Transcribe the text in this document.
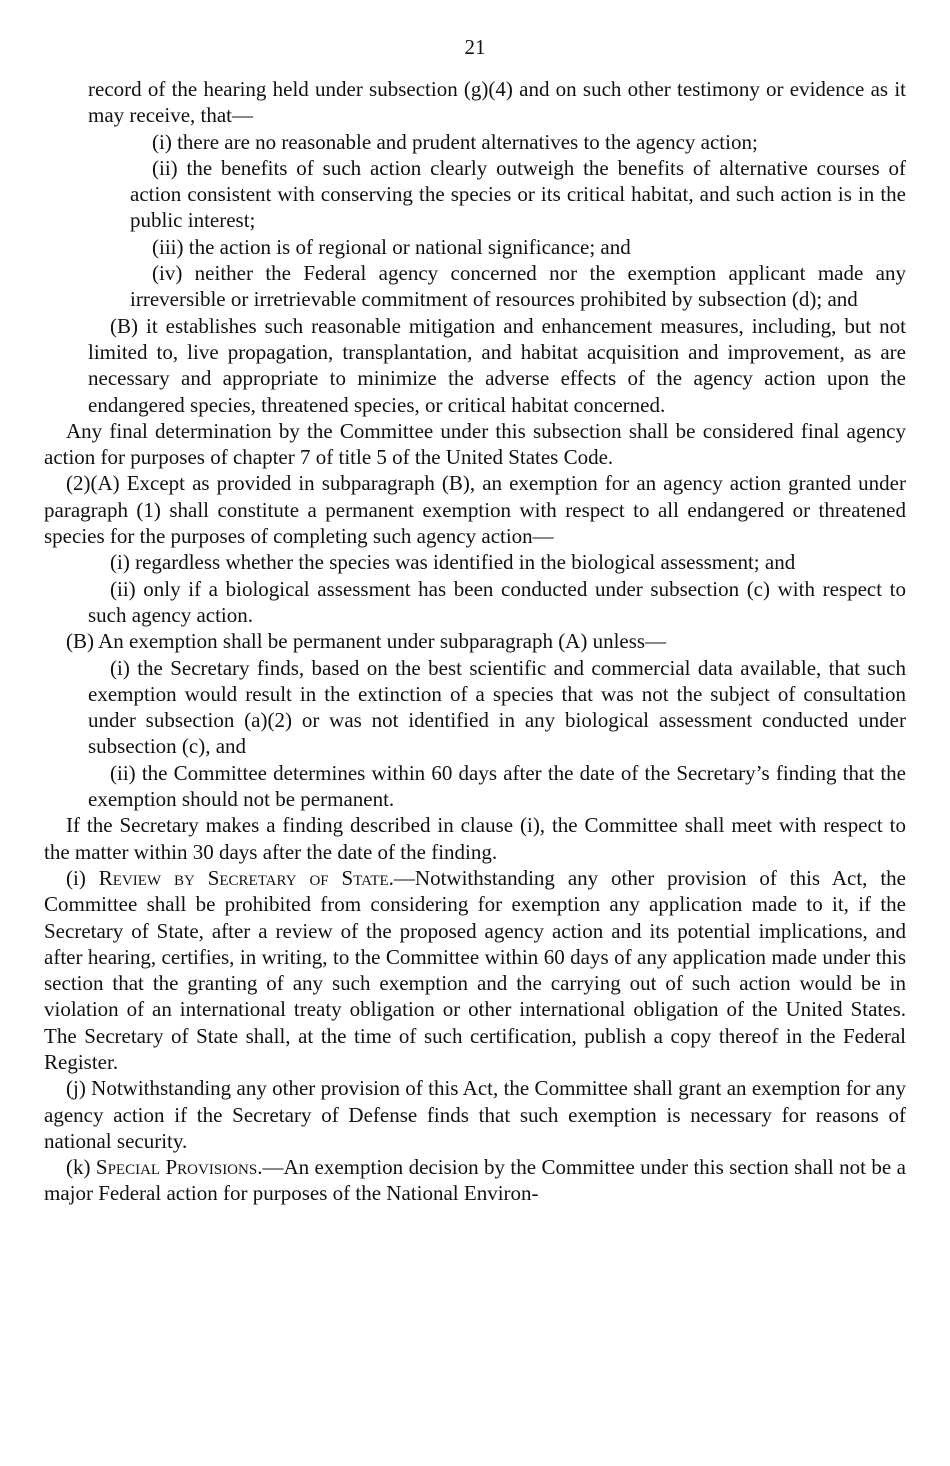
21

record of the hearing held under subsection (g)(4) and on such other testimony or evidence as it may receive, that—

(i) there are no reasonable and prudent alternatives to the agency action;

(ii) the benefits of such action clearly outweigh the benefits of alternative courses of action consistent with conserving the species or its critical habitat, and such action is in the public interest;

(iii) the action is of regional or national significance; and

(iv) neither the Federal agency concerned nor the exemption applicant made any irreversible or irretrievable commitment of resources prohibited by subsection (d); and

(B) it establishes such reasonable mitigation and enhancement measures, including, but not limited to, live propagation, transplantation, and habitat acquisition and improvement, as are necessary and appropriate to minimize the adverse effects of the agency action upon the endangered species, threatened species, or critical habitat concerned.

Any final determination by the Committee under this subsection shall be considered final agency action for purposes of chapter 7 of title 5 of the United States Code.

(2)(A) Except as provided in subparagraph (B), an exemption for an agency action granted under paragraph (1) shall constitute a permanent exemption with respect to all endangered or threatened species for the purposes of completing such agency action—

(i) regardless whether the species was identified in the biological assessment; and

(ii) only if a biological assessment has been conducted under subsection (c) with respect to such agency action.

(B) An exemption shall be permanent under subparagraph (A) unless—

(i) the Secretary finds, based on the best scientific and commercial data available, that such exemption would result in the extinction of a species that was not the subject of consultation under subsection (a)(2) or was not identified in any biological assessment conducted under subsection (c), and

(ii) the Committee determines within 60 days after the date of the Secretary’s finding that the exemption should not be permanent.

If the Secretary makes a finding described in clause (i), the Committee shall meet with respect to the matter within 30 days after the date of the finding.

(i) Review by Secretary of State.—Notwithstanding any other provision of this Act, the Committee shall be prohibited from considering for exemption any application made to it, if the Secretary of State, after a review of the proposed agency action and its potential implications, and after hearing, certifies, in writing, to the Committee within 60 days of any application made under this section that the granting of any such exemption and the carrying out of such action would be in violation of an international treaty obligation or other international obligation of the United States. The Secretary of State shall, at the time of such certification, publish a copy thereof in the Federal Register.

(j) Notwithstanding any other provision of this Act, the Committee shall grant an exemption for any agency action if the Secretary of Defense finds that such exemption is necessary for reasons of national security.

(k) Special Provisions.—An exemption decision by the Committee under this section shall not be a major Federal action for purposes of the National Environ-
